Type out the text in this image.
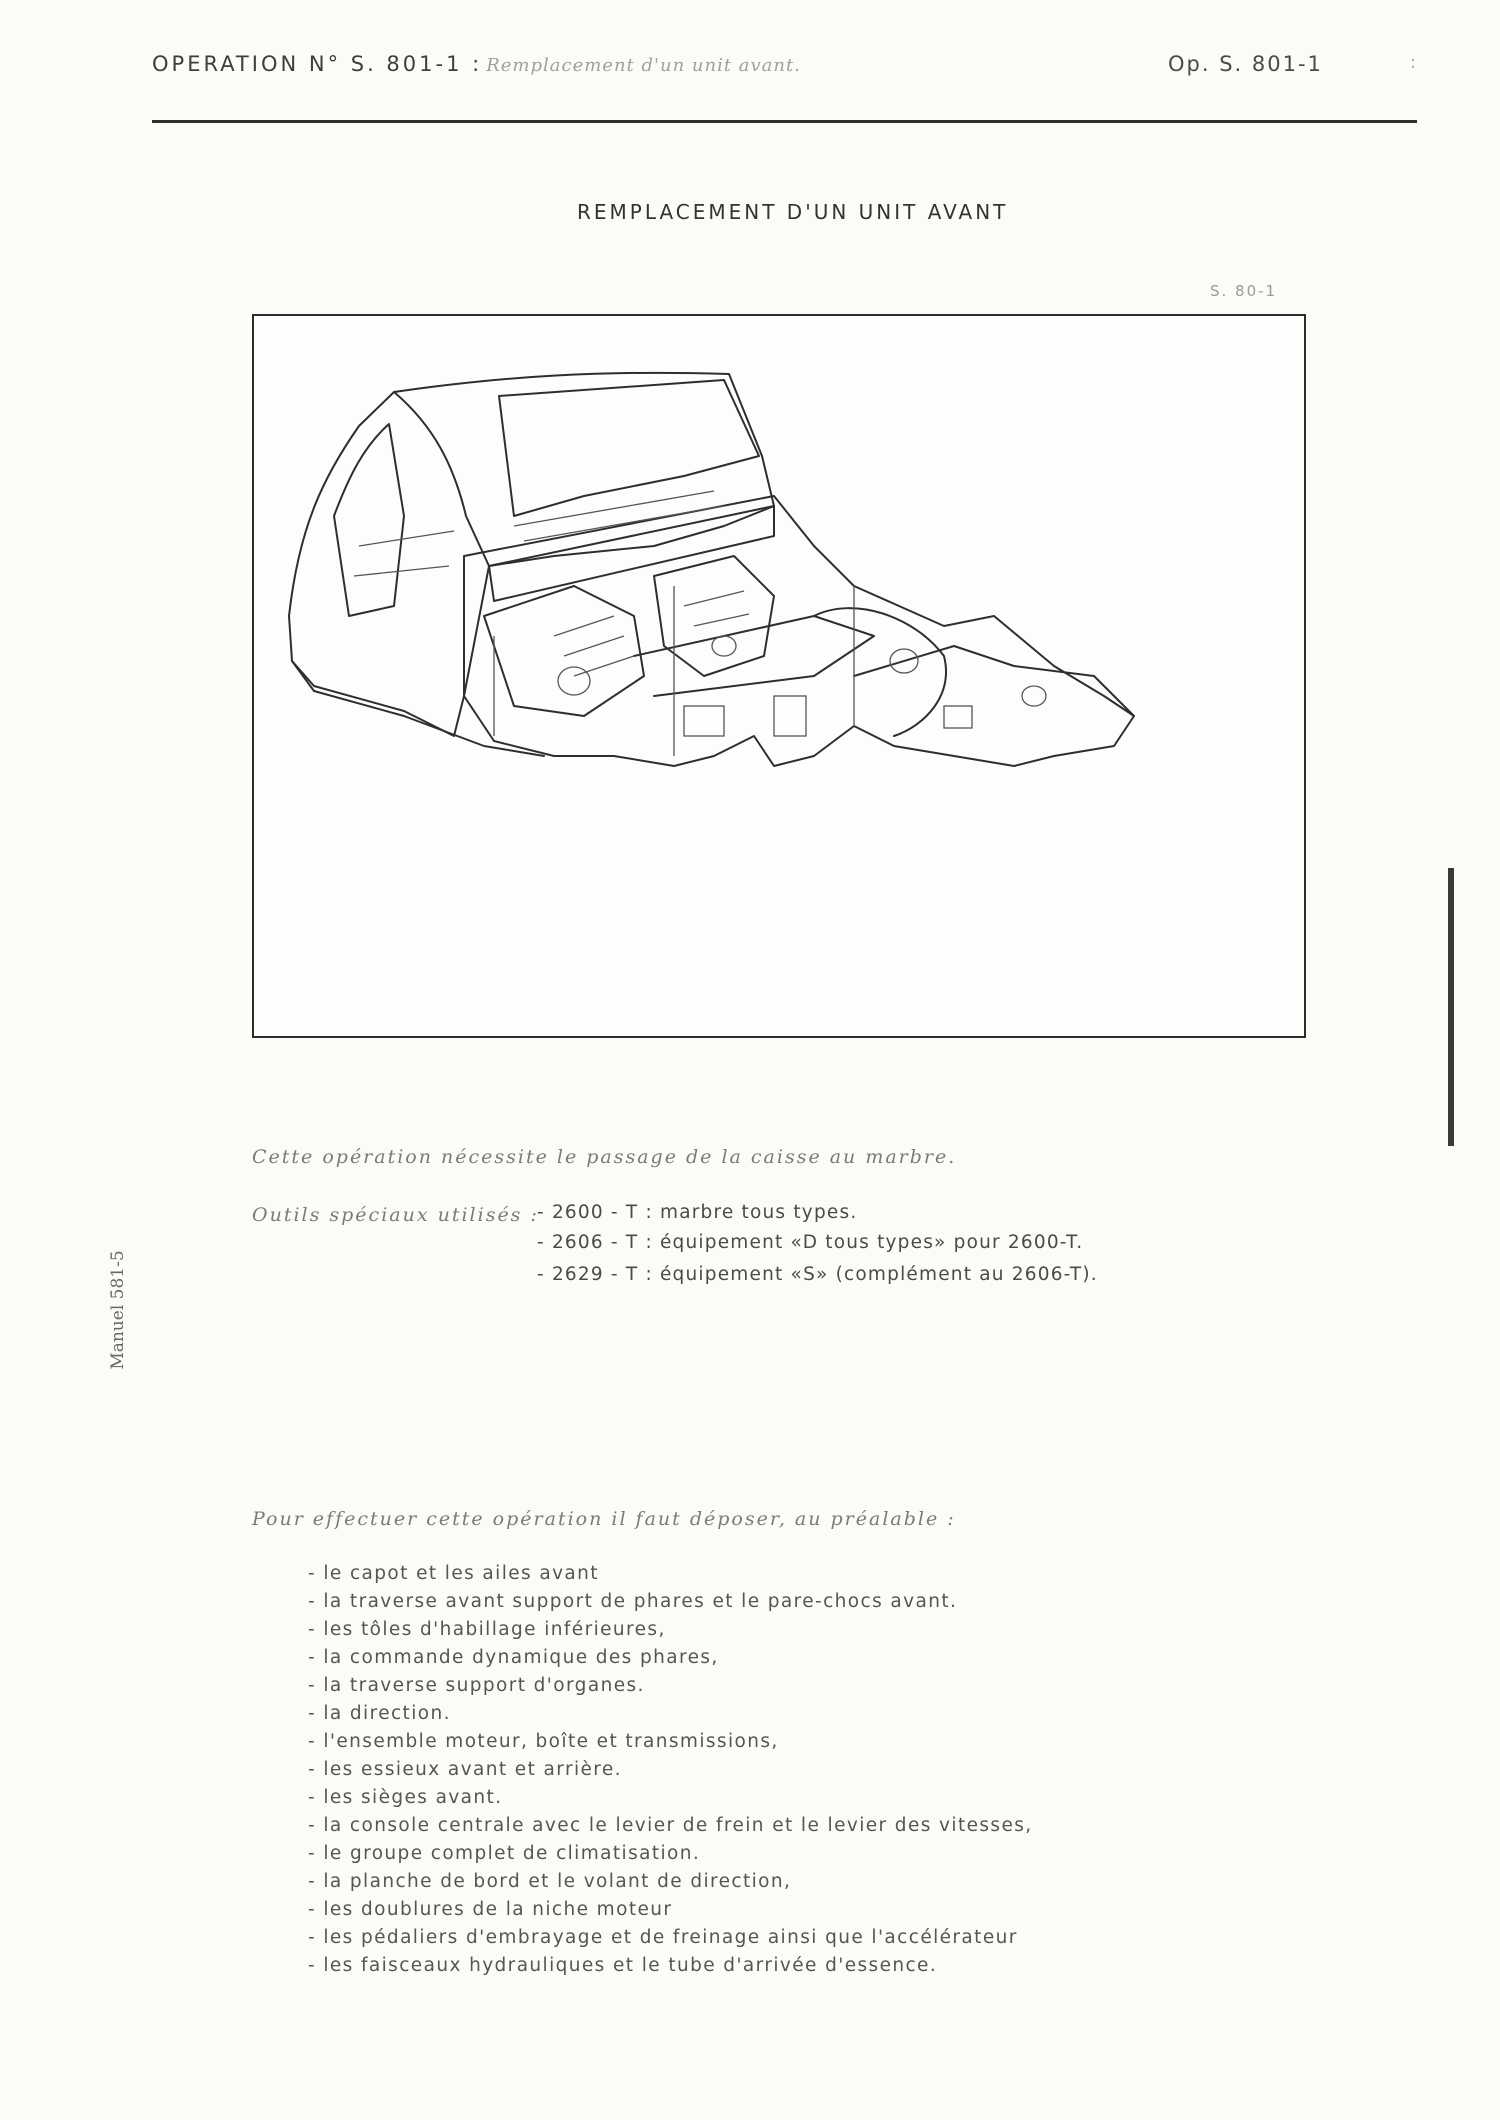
OPERATION N° S. 801-1 : Remplacement d'un unit avant.	Op. S. 801-1	:
REMPLACEMENT D'UN UNIT AVANT
S. 80-1
Manuel 581-5
Cette opération nécessite le passage de la caisse au marbre.
Outils spéciaux utilisés :
- 2600 - T : marbre tous types.
- 2606 - T : équipement «D tous types» pour 2600-T.
- 2629 - T : équipement «S» (complément au 2606-T).
Pour effectuer cette opération il faut déposer, au préalable :
- le capot et les ailes avant
- la traverse avant support de phares et le pare-chocs avant.
- les tôles d'habillage inférieures,
- la commande dynamique des phares,
- la traverse support d'organes.
- la direction.
- l'ensemble moteur, boîte et transmissions,
- les essieux avant et arrière.
- les sièges avant.
- la console centrale avec le levier de frein et le levier des vitesses,
- le groupe complet de climatisation.
- la planche de bord et le volant de direction,
- les doublures de la niche moteur
- les pédaliers d'embrayage et de freinage ainsi que l'accélérateur
- les faisceaux hydrauliques et le tube d'arrivée d'essence.
